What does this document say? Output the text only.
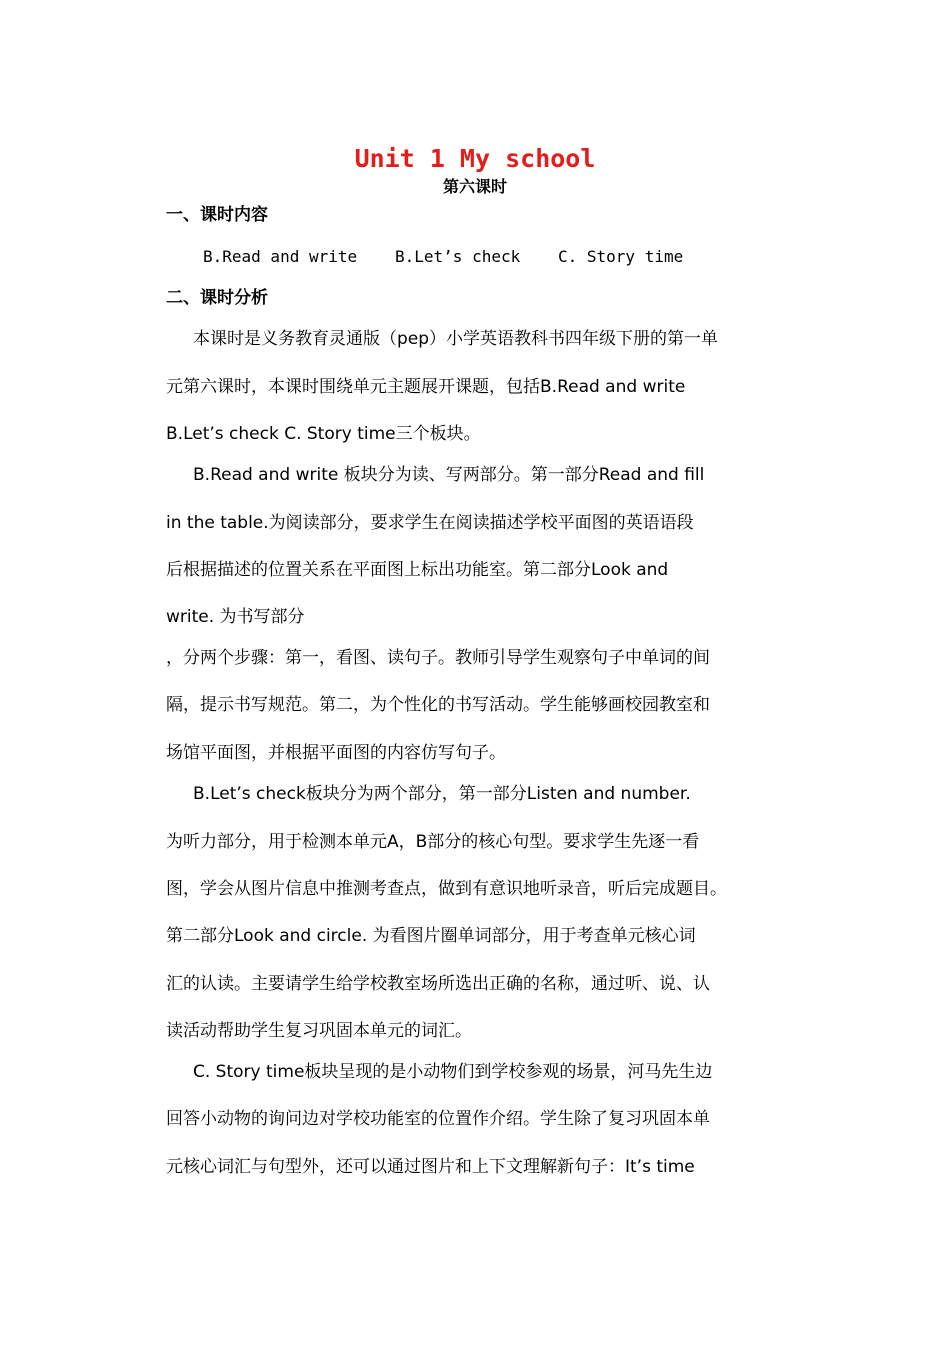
Unit 1 My school
第六课时
一、课时内容
B.Read and write B.Let’s check C. Story time
二、课时分析
本课时是义务教育灵通版（pep）小学英语教科书四年级下册的第一单
元第六课时，本课时围绕单元主题展开课题，包括B.Read and write
B.Let’s check C. Story time三个板块。
B.Read and write 板块分为读、写两部分。第一部分Read and fill
in the table.为阅读部分，要求学生在阅读描述学校平面图的英语语段
后根据描述的位置关系在平面图上标出功能室。第二部分Look and
write. 为书写部分
，分两个步骤：第一，看图、读句子。教师引导学生观察句子中单词的间
隔，提示书写规范。第二，为个性化的书写活动。学生能够画校园教室和
场馆平面图，并根据平面图的内容仿写句子。
B.Let’s check板块分为两个部分，第一部分Listen and number.
为听力部分，用于检测本单元A，B部分的核心句型。要求学生先逐一看
图，学会从图片信息中推测考查点，做到有意识地听录音，听后完成题目。
第二部分Look and circle. 为看图片圈单词部分，用于考查单元核心词
汇的认读。主要请学生给学校教室场所选出正确的名称，通过听、说、认
读活动帮助学生复习巩固本单元的词汇。
C. Story time板块呈现的是小动物们到学校参观的场景，河马先生边
回答小动物的询问边对学校功能室的位置作介绍。学生除了复习巩固本单
元核心词汇与句型外，还可以通过图片和上下文理解新句子：It’s time
